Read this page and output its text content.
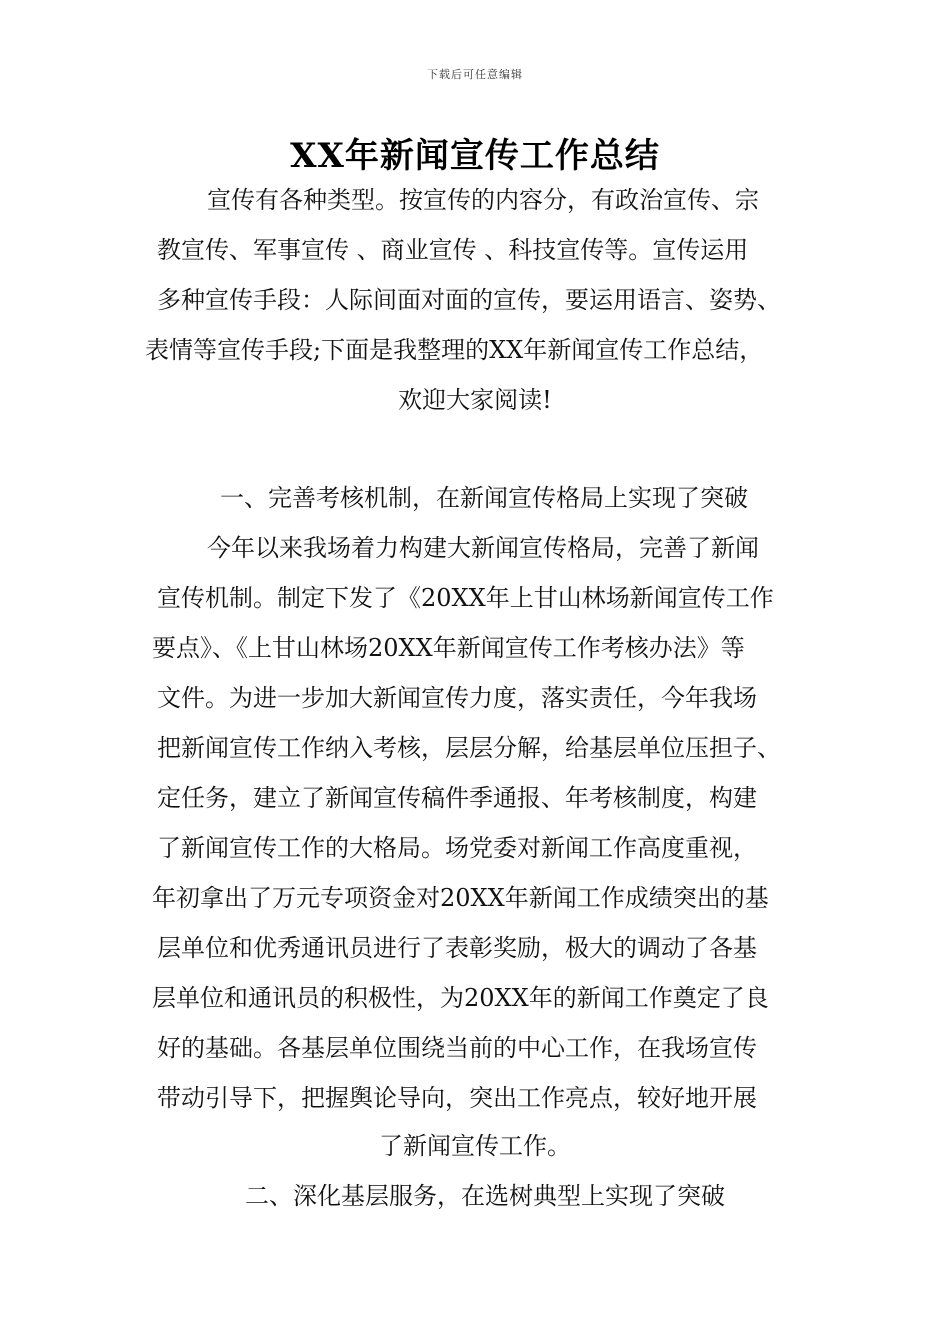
下载后可任意编辑
XX年新闻宣传工作总结
宣传有各种类型。按宣传的内容分，有政治宣传、宗
教宣传、军事宣传 、商业宣传 、科技宣传等。宣传运用
多种宣传手段：人际间面对面的宣传，要运用语言、姿势、
表情等宣传手段;下面是我整理的XX年新闻宣传工作总结，
欢迎大家阅读!
一、完善考核机制，在新闻宣传格局上实现了突破
今年以来我场着力构建大新闻宣传格局，完善了新闻
宣传机制。制定下发了《20XX年上甘山林场新闻宣传工作
要点》、《上甘山林场20XX年新闻宣传工作考核办法》等
文件。为进一步加大新闻宣传力度，落实责任，今年我场
把新闻宣传工作纳入考核，层层分解，给基层单位压担子、
定任务，建立了新闻宣传稿件季通报、年考核制度，构建
了新闻宣传工作的大格局。场党委对新闻工作高度重视，
年初拿出了万元专项资金对20XX年新闻工作成绩突出的基
层单位和优秀通讯员进行了表彰奖励，极大的调动了各基
层单位和通讯员的积极性，为20XX年的新闻工作奠定了良
好的基础。各基层单位围绕当前的中心工作，在我场宣传
带动引导下，把握舆论导向，突出工作亮点，较好地开展
了新闻宣传工作。
二、深化基层服务，在选树典型上实现了突破
